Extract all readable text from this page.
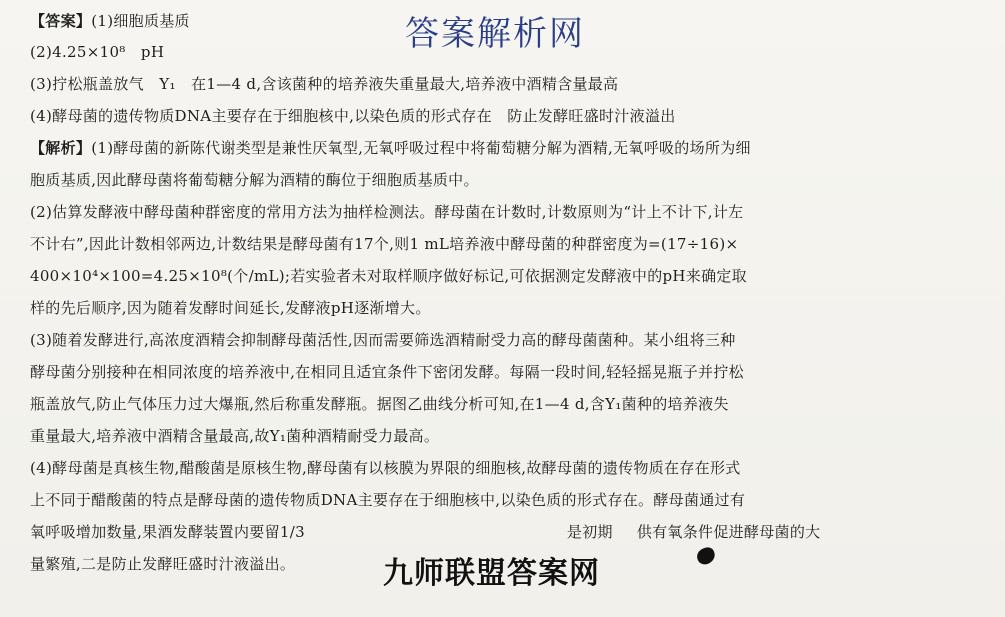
【答案】(1)细胞质基质
(2)4.25×10⁸　pH
(3)拧松瓶盖放气　Y₁　在1—4 d,含该菌种的培养液失重量最大,培养液中酒精含量最高
(4)酵母菌的遗传物质DNA主要存在于细胞核中,以染色质的形式存在　防止发酵旺盛时汁液溢出
【解析】(1)酵母菌的新陈代谢类型是兼性厌氧型,无氧呼吸过程中将葡萄糖分解为酒精,无氧呼吸的场所为细
胞质基质,因此酵母菌将葡萄糖分解为酒精的酶位于细胞质基质中。
(2)估算发酵液中酵母菌种群密度的常用方法为抽样检测法。酵母菌在计数时,计数原则为“计上不计下,计左
不计右”,因此计数相邻两边,计数结果是酵母菌有17个,则1 mL培养液中酵母菌的种群密度为=(17÷16)×
400×10⁴×100=4.25×10⁸(个/mL);若实验者未对取样顺序做好标记,可依据测定发酵液中的pH来确定取
样的先后顺序,因为随着发酵时间延长,发酵液pH逐渐增大。
(3)随着发酵进行,高浓度酒精会抑制酵母菌活性,因而需要筛选酒精耐受力高的酵母菌菌种。某小组将三种
酵母菌分别接种在相同浓度的培养液中,在相同且适宜条件下密闭发酵。每隔一段时间,轻轻摇晃瓶子并拧松
瓶盖放气,防止气体压力过大爆瓶,然后称重发酵瓶。据图乙曲线分析可知,在1—4 d,含Y₁菌种的培养液失
重量最大,培养液中酒精含量最高,故Y₁菌种酒精耐受力最高。
(4)酵母菌是真核生物,醋酸菌是原核生物,酵母菌有以核膜为界限的细胞核,故酵母菌的遗传物质在存在形式
上不同于醋酸菌的特点是酵母菌的遗传物质DNA主要存在于细胞核中,以染色质的形式存在。酵母菌通过有
氧呼吸增加数量,果酒发酵装置内要留1/3	是初期 供有氧条件促进酵母菌的大
量繁殖,二是防止发酵旺盛时汁液溢出。
答案解析网
九师联盟答案网
